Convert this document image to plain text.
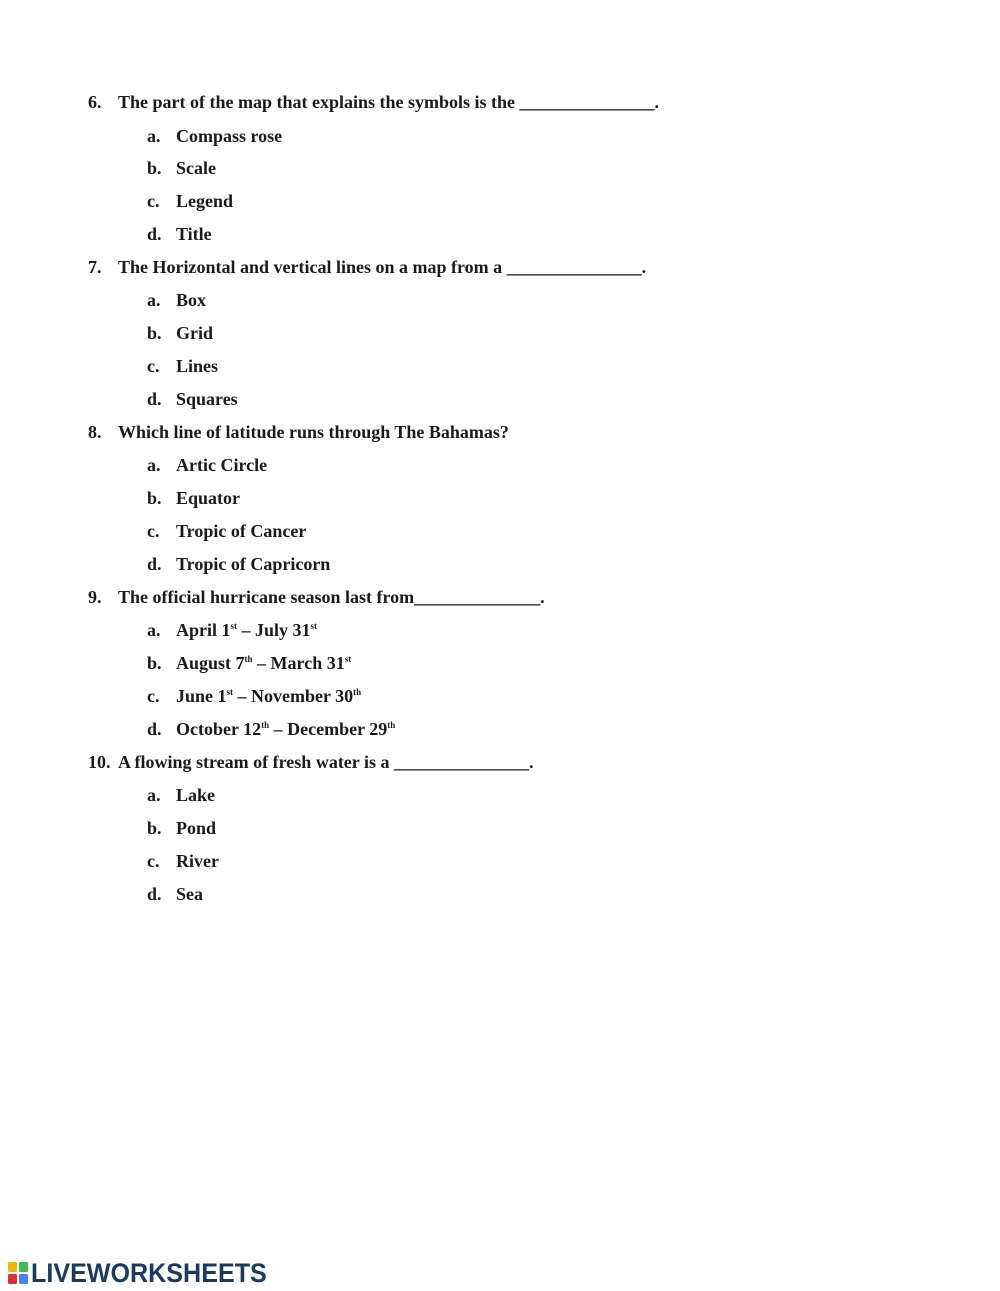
6. The part of the map that explains the symbols is the _______________.
a. Compass rose
b. Scale
c. Legend
d. Title
7. The Horizontal and vertical lines on a map from a _______________.
a. Box
b. Grid
c. Lines
d. Squares
8. Which line of latitude runs through The Bahamas?
a. Artic Circle
b. Equator
c. Tropic of Cancer
d. Tropic of Capricorn
9. The official hurricane season last from______________.
a. April 1st – July 31st
b. August 7th – March 31st
c. June 1st – November 30th
d. October 12th – December 29th
10. A flowing stream of fresh water is a _______________.
a. Lake
b. Pond
c. River
d. Sea
LIVEWORKSHEETS
